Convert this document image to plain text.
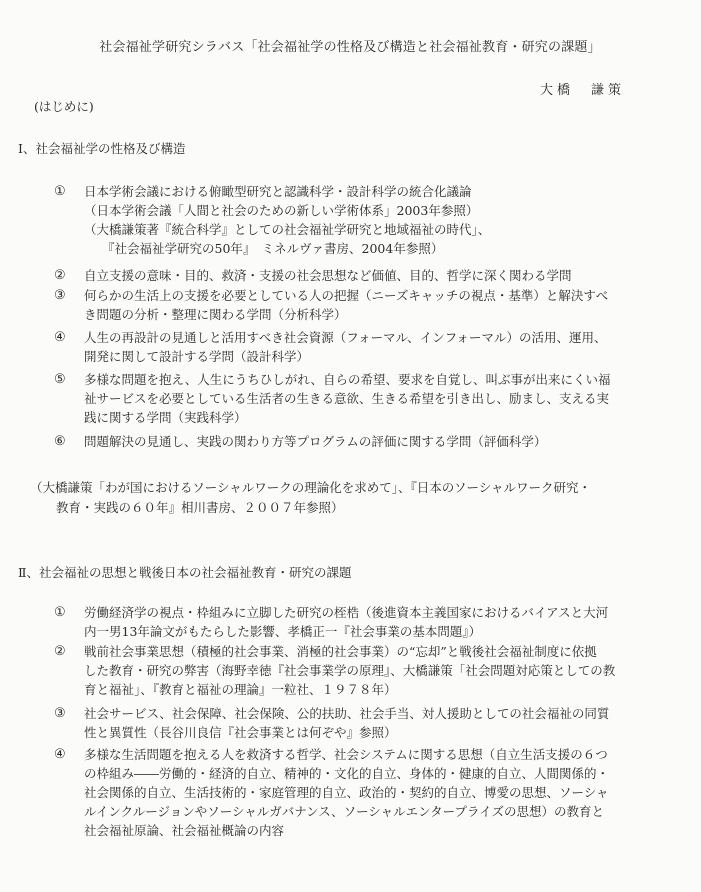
社会福祉学研究シラバス「社会福祉学の性格及び構造と社会福祉教育・研究の課題」
大橋　謙策
(はじめに)
Ⅰ、社会福祉学の性格及び構造
①	日本学術会議における俯瞰型研究と認識科学・設計科学の統合化議論
（日本学術会議「人間と社会のための新しい学術体系」2003年参照）
（大橋謙策著『統合科学』としての社会福祉学研究と地域福祉の時代」、
『社会福祉学研究の50年』　ミネルヴァ書房、2004年参照）
②	自立支援の意味・目的、救済・支援の社会思想など価値、目的、哲学に深く関わる学問
③	何らかの生活上の支援を必要としている人の把握（ニーズキャッチの視点・基準）と解決すべ
き問題の分析・整理に関わる学問（分析科学）
④	人生の再設計の見通しと活用すべき社会資源（フォーマル、インフォーマル）の活用、運用、
開発に関して設計する学問（設計科学）
⑤	多様な問題を抱え、人生にうちひしがれ、自らの希望、要求を自覚し、叫ぶ事が出来にくい福
祉サービスを必要としている生活者の生きる意欲、生きる希望を引き出し、励まし、支える実
践に関する学問（実践科学）
⑥	問題解決の見通し、実践の関わり方等プログラムの評価に関する学問（評価科学）
（大橋謙策「わが国におけるソーシャルワークの理論化を求めて」、『日本のソーシャルワーク研究・
教育・実践の６０年』相川書房、２００７年参照）
Ⅱ、社会福祉の思想と戦後日本の社会福祉教育・研究の課題
①	労働経済学の視点・枠組みに立脚した研究の桎梏（後進資本主義国家におけるバイアスと大河
内一男13年論文がもたらした影響、孝橋正一『社会事業の基本問題』）
②	戦前社会事業思想（積極的社会事業、消極的社会事業）の“忘却”と戦後社会福祉制度に依拠
した教育・研究の弊害（海野幸徳『社会事業学の原理』、大橋謙策「社会問題対応策としての教
育と福祉」、『教育と福祉の理論』一粒社、１９７８年）
③	社会サービス、社会保障、社会保険、公的扶助、社会手当、対人援助としての社会福祉の同質
性と異質性（長谷川良信『社会事業とは何ぞや』参照）
④	多様な生活問題を抱える人を救済する哲学、社会システムに関する思想（自立生活支援の６つ
の枠組み――労働的・経済的自立、精神的・文化的自立、身体的・健康的自立、人間関係的・
社会関係的自立、生活技術的・家庭管理的自立、政治的・契約的自立、博愛の思想、ソーシャ
ルインクルージョンやソーシャルガバナンス、ソーシャルエンタープライズの思想）の教育と
社会福祉原論、社会福祉概論の内容
